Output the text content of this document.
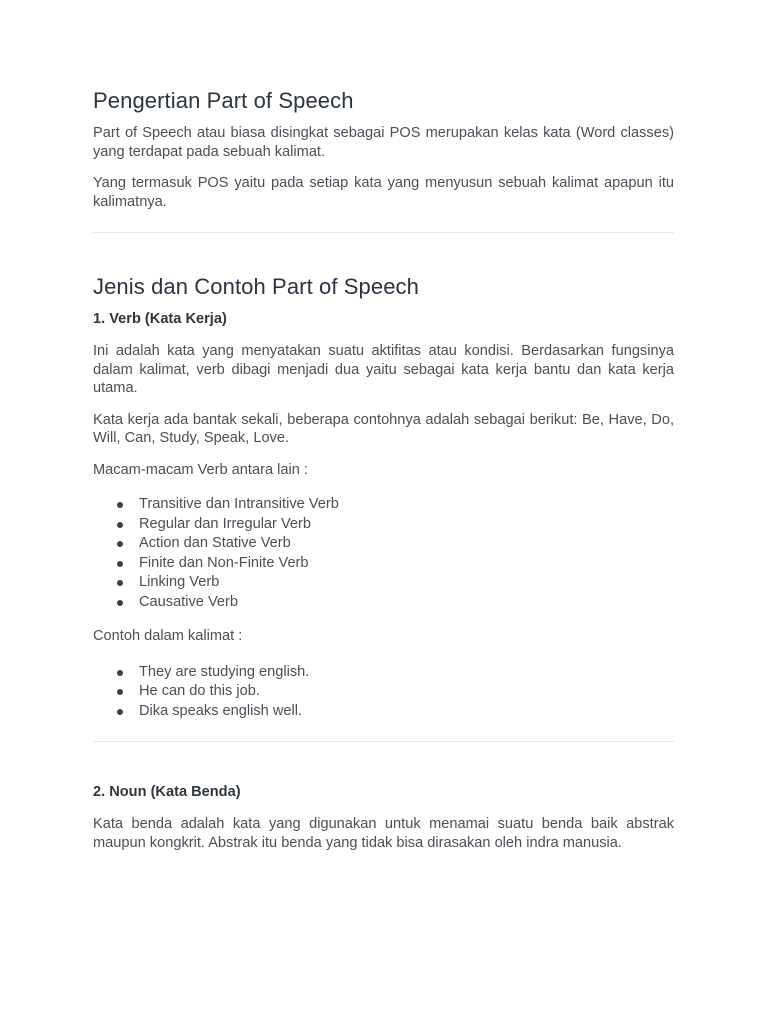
Pengertian Part of Speech

Part of Speech atau biasa disingkat sebagai POS merupakan kelas kata (Word classes) yang terdapat pada sebuah kalimat.

Yang termasuk POS yaitu pada setiap kata yang menyusun sebuah kalimat apapun itu kalimatnya.

Jenis dan Contoh Part of Speech
1. Verb (Kata Kerja)

Ini adalah kata yang menyatakan suatu aktifitas atau kondisi. Berdasarkan fungsinya dalam kalimat, verb dibagi menjadi dua yaitu sebagai kata kerja bantu dan kata kerja utama.

Kata kerja ada bantak sekali, beberapa contohnya adalah sebagai berikut: Be, Have, Do, Will, Can, Study, Speak, Love.

Macam-macam Verb antara lain :

Transitive dan Intransitive Verb
Regular dan Irregular Verb
Action dan Stative Verb
Finite dan Non-Finite Verb
Linking Verb
Causative Verb

Contoh dalam kalimat :

They are studying english.
He can do this job.
Dika speaks english well.
2. Noun (Kata Benda)

Kata benda adalah kata yang digunakan untuk menamai suatu benda baik abstrak maupun kongkrit. Abstrak itu benda yang tidak bisa dirasakan oleh indra manusia.
